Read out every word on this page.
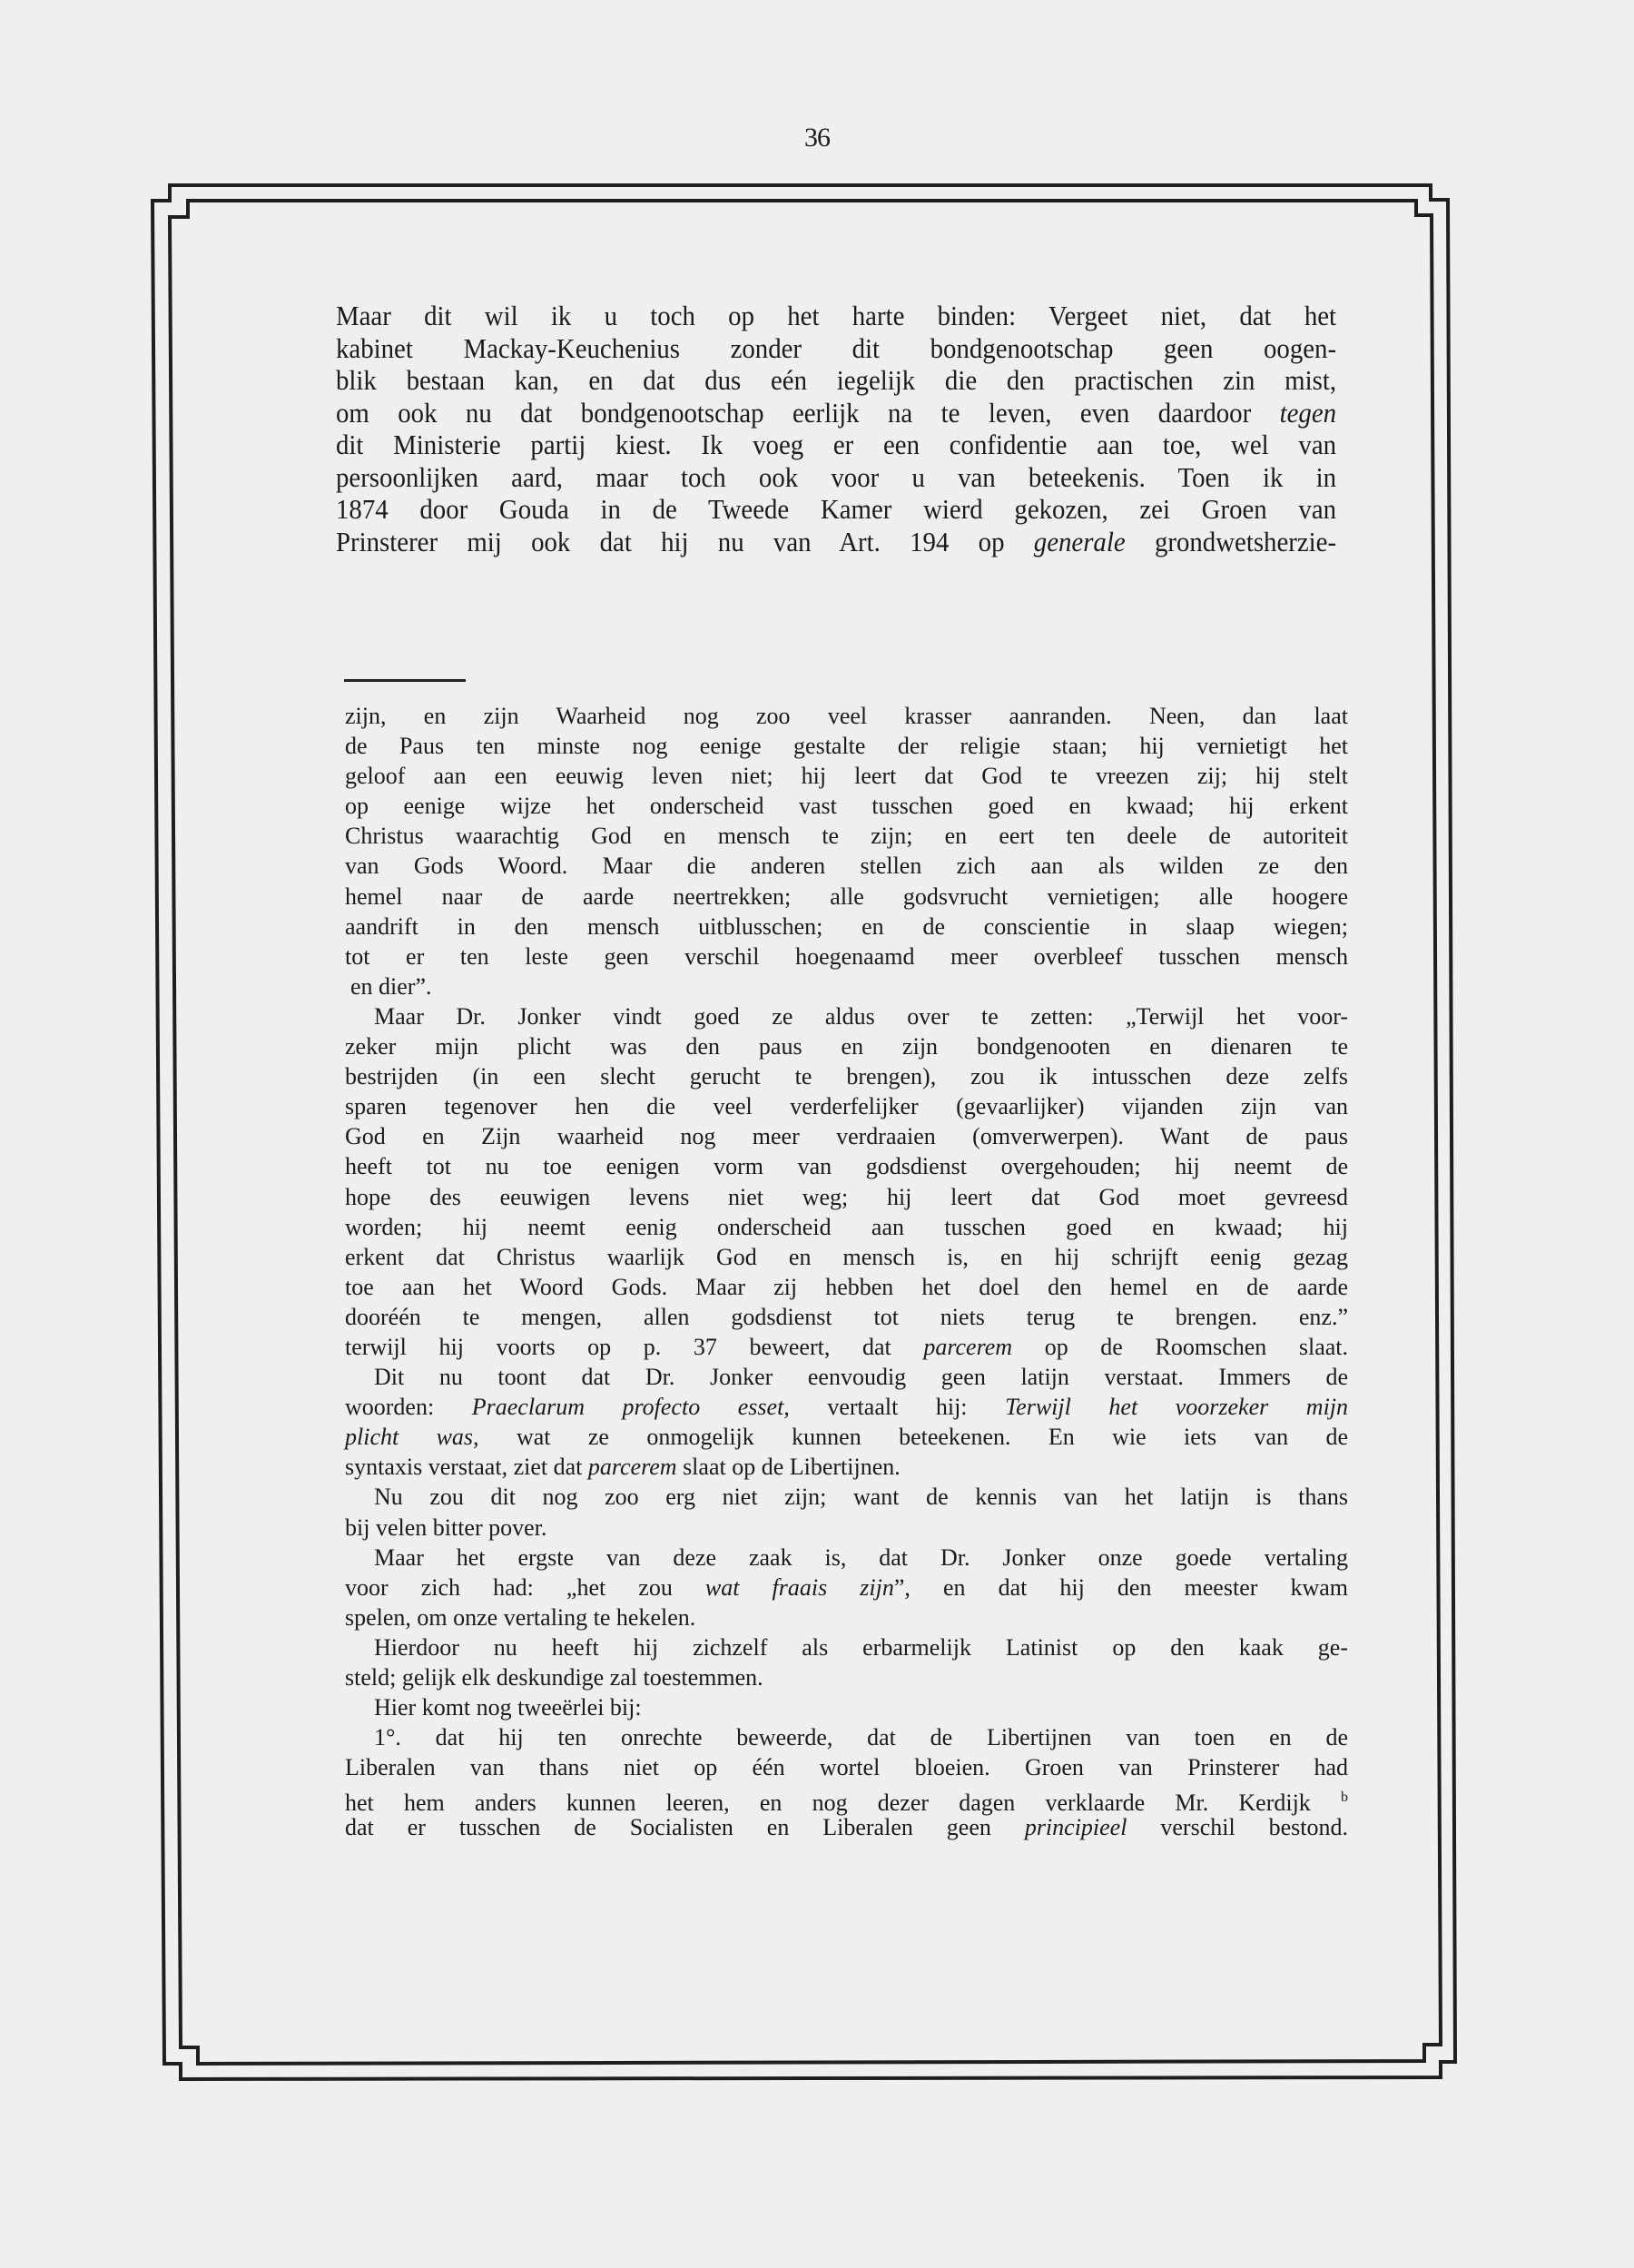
36
Maar dit wil ik u toch op het harte binden: Vergeet niet, dat het
kabinet Mackay-Keuchenius zonder dit bondgenootschap geen oogen-
blik bestaan kan, en dat dus eén iegelijk die den practischen zin mist,
om ook nu dat bondgenootschap eerlijk na te leven, even daardoor tegen
dit Ministerie partij kiest. Ik voeg er een confidentie aan toe, wel van
persoonlijken aard, maar toch ook voor u van beteekenis. Toen ik in
1874 door Gouda in de Tweede Kamer wierd gekozen, zei Groen van
Prinsterer mij ook dat hij nu van Art. 194 op generale grondwetsherzie-
zijn, en zijn Waarheid nog zoo veel krasser aanranden. Neen, dan laat
de Paus ten minste nog eenige gestalte der religie staan; hij vernietigt het
geloof aan een eeuwig leven niet; hij leert dat God te vreezen zij; hij stelt
op eenige wijze het onderscheid vast tusschen goed en kwaad; hij erkent
Christus waarachtig God en mensch te zijn; en eert ten deele de autoriteit
van Gods Woord. Maar die anderen stellen zich aan als wilden ze den
hemel naar de aarde neertrekken; alle godsvrucht vernietigen; alle hoogere
aandrift in den mensch uitblusschen; en de conscientie in slaap wiegen;
tot er ten leste geen verschil hoegenaamd meer overbleef tusschen mensch
en dier”.
Maar Dr. Jonker vindt goed ze aldus over te zetten: „Terwijl het voor-
zeker mijn plicht was den paus en zijn bondgenooten en dienaren te
bestrijden (in een slecht gerucht te brengen), zou ik intusschen deze zelfs
sparen tegenover hen die veel verderfelijker (gevaarlijker) vijanden zijn van
God en Zijn waarheid nog meer verdraaien (omverwerpen). Want de paus
heeft tot nu toe eenigen vorm van godsdienst overgehouden; hij neemt de
hope des eeuwigen levens niet weg; hij leert dat God moet gevreesd
worden; hij neemt eenig onderscheid aan tusschen goed en kwaad; hij
erkent dat Christus waarlijk God en mensch is, en hij schrijft eenig gezag
toe aan het Woord Gods. Maar zij hebben het doel den hemel en de aarde
dooréén te mengen, allen godsdienst tot niets terug te brengen. enz.”
terwijl hij voorts op p. 37 beweert, dat parcerem op de Roomschen slaat.
Dit nu toont dat Dr. Jonker eenvoudig geen latijn verstaat. Immers de
woorden: Praeclarum profecto esset, vertaalt hij: Terwijl het voorzeker mijn
plicht was, wat ze onmogelijk kunnen beteekenen. En wie iets van de
syntaxis verstaat, ziet dat parcerem slaat op de Libertijnen.
Nu zou dit nog zoo erg niet zijn; want de kennis van het latijn is thans
bij velen bitter pover.
Maar het ergste van deze zaak is, dat Dr. Jonker onze goede vertaling
voor zich had: „het zou wat fraais zijn”, en dat hij den meester kwam
spelen, om onze vertaling te hekelen.
Hierdoor nu heeft hij zichzelf als erbarmelijk Latinist op den kaak ge-
steld; gelijk elk deskundige zal toestemmen.
Hier komt nog tweeërlei bij:
1°. dat hij ten onrechte beweerde, dat de Libertijnen van toen en de
Liberalen van thans niet op één wortel bloeien. Groen van Prinsterer had
het hem anders kunnen leeren, en nog dezer dagen verklaarde Mr. Kerdijk $^b$
dat er tusschen de Socialisten en Liberalen geen principieel verschil bestond.
